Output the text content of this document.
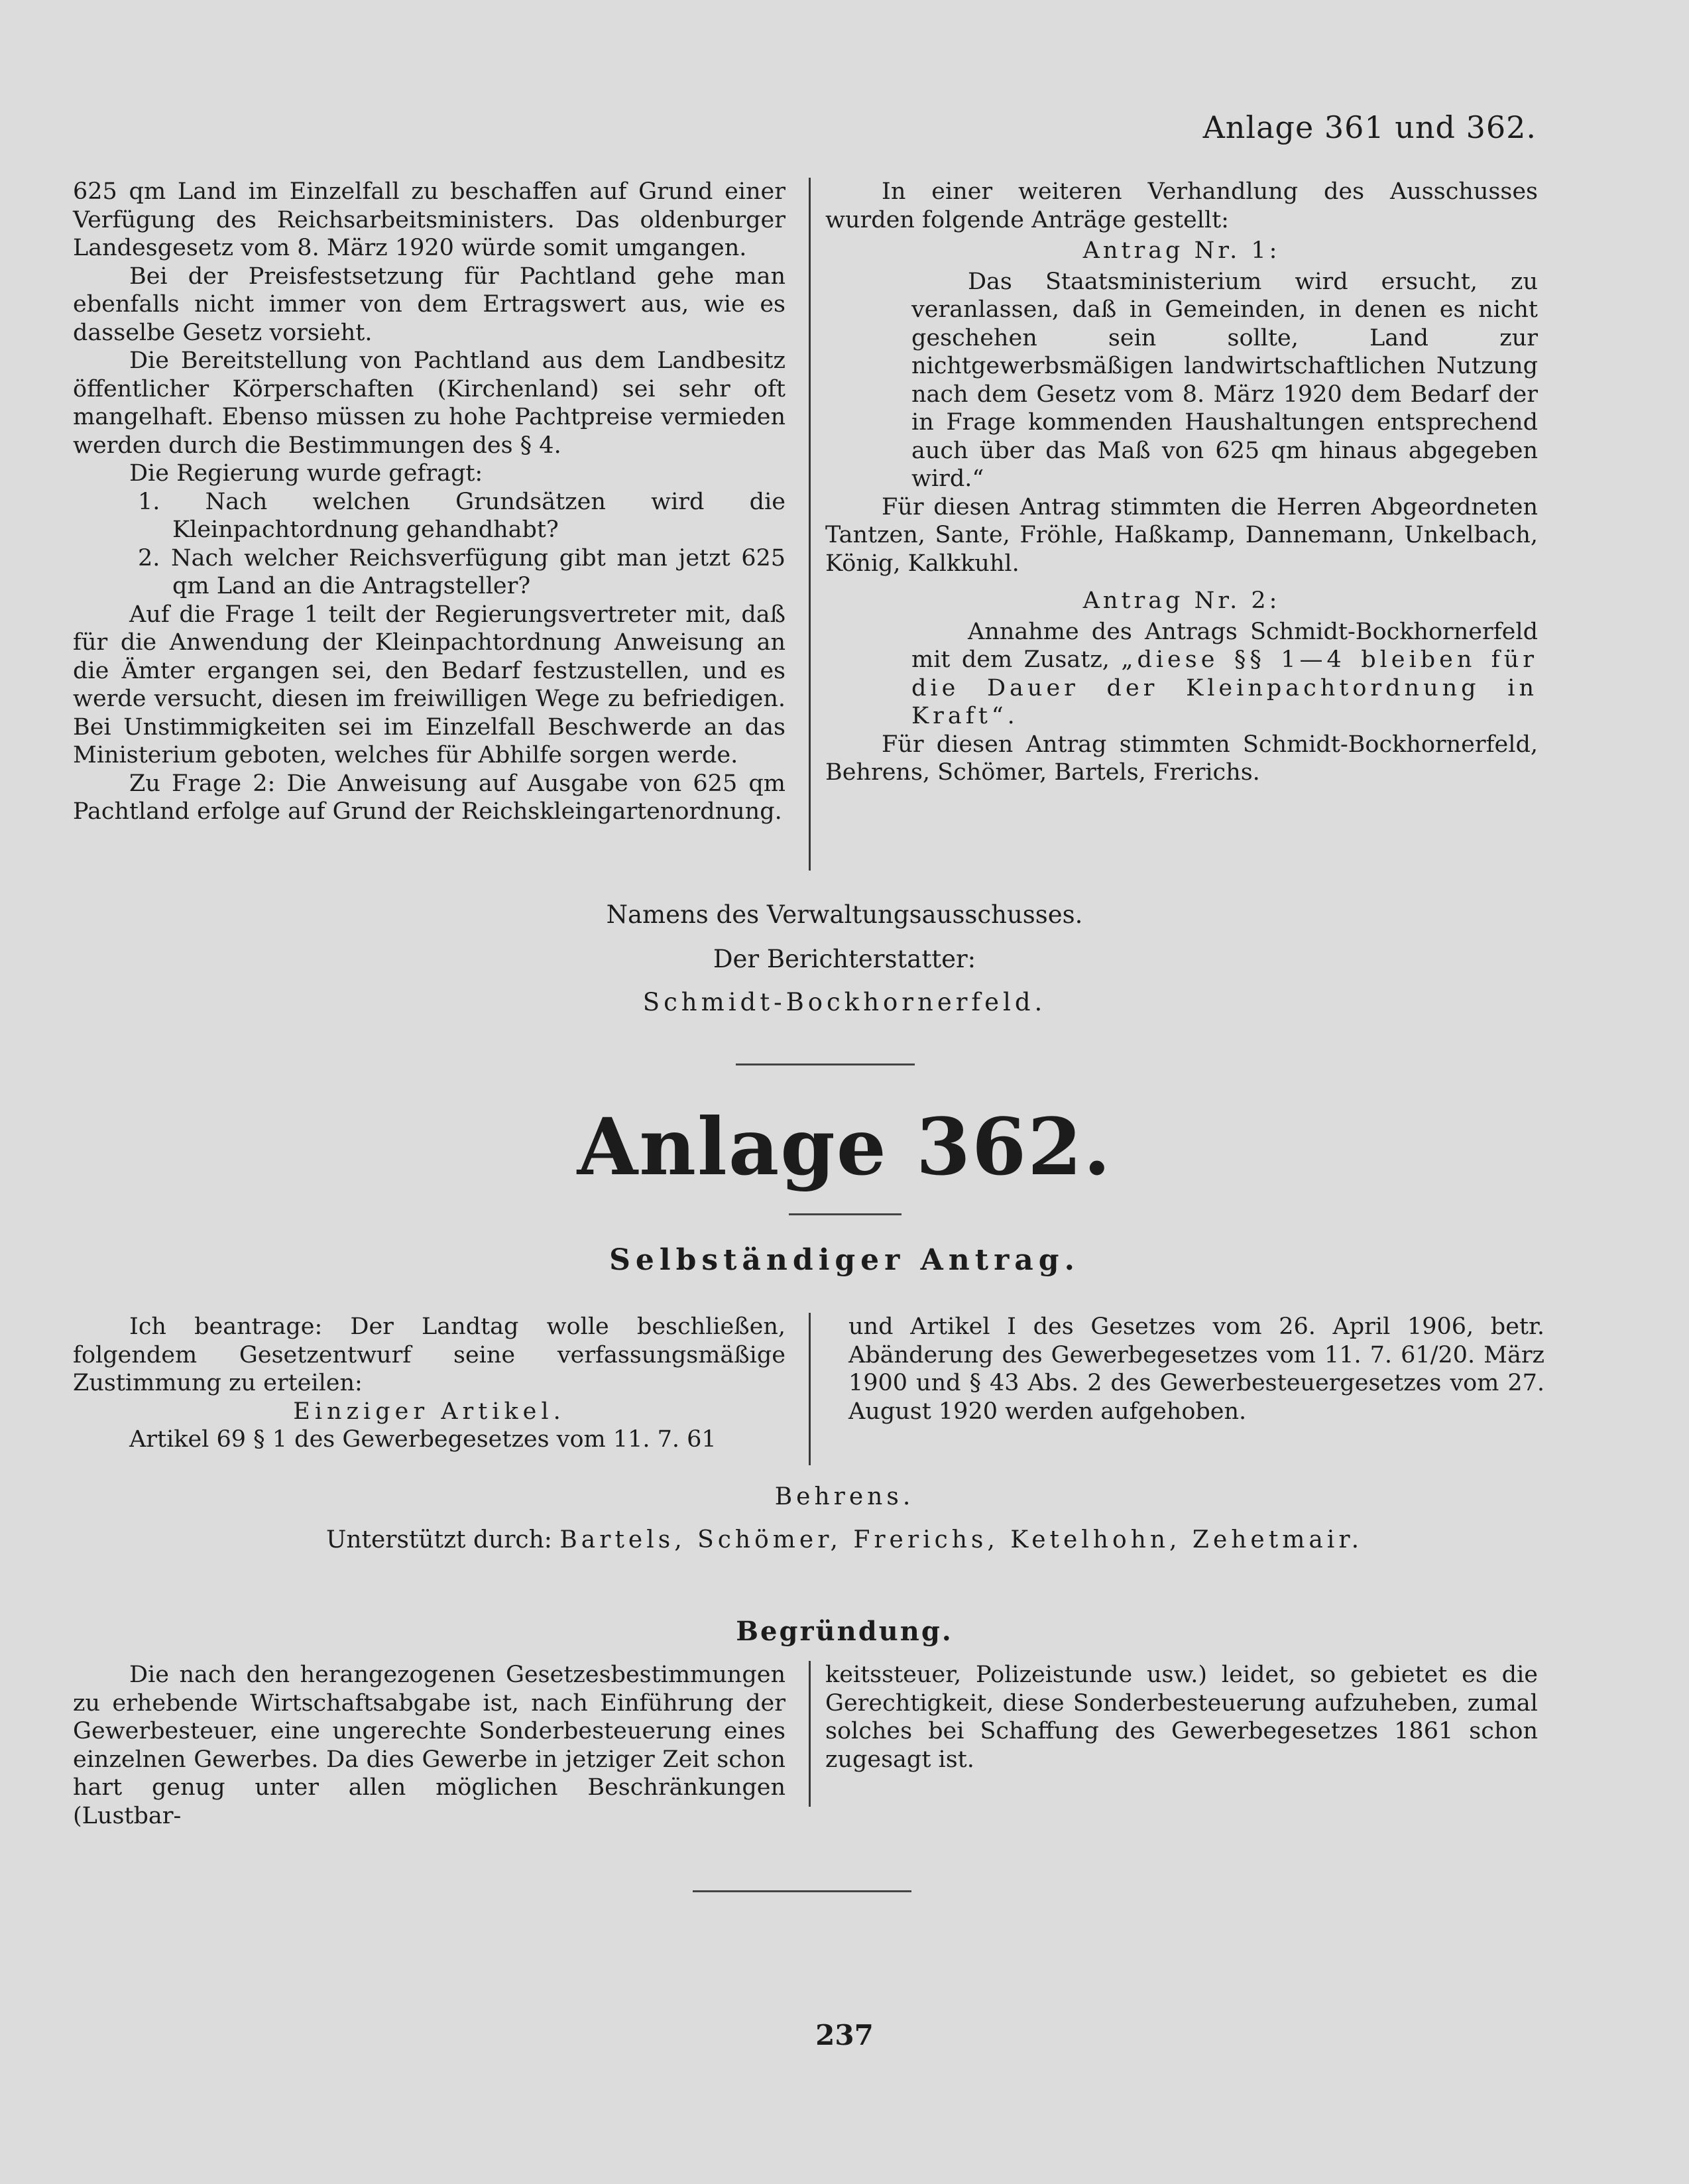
Anlage 361 und 362.

625 qm Land im Einzelfall zu beschaffen auf Grund einer Verfügung des Reichsarbeitsministers. Das oldenburger Landesgesetz vom 8. März 1920 würde somit umgangen.

Bei der Preisfestsetzung für Pachtland gehe man ebenfalls nicht immer von dem Ertragswert aus, wie es dasselbe Gesetz vorsieht.

Die Bereitstellung von Pachtland aus dem Landbesitz öffentlicher Körperschaften (Kirchenland) sei sehr oft mangelhaft. Ebenso müssen zu hohe Pachtpreise vermieden werden durch die Bestimmungen des § 4.

Die Regierung wurde gefragt:

1. Nach welchen Grundsätzen wird die Kleinpachtordnung gehandhabt?

2. Nach welcher Reichsverfügung gibt man jetzt 625 qm Land an die Antragsteller?

Auf die Frage 1 teilt der Regierungsvertreter mit, daß für die Anwendung der Kleinpachtordnung Anweisung an die Ämter ergangen sei, den Bedarf festzustellen, und es werde versucht, diesen im freiwilligen Wege zu befriedigen. Bei Unstimmigkeiten sei im Einzelfall Beschwerde an das Ministerium geboten, welches für Abhilfe sorgen werde.

Zu Frage 2: Die Anweisung auf Ausgabe von 625 qm Pachtland erfolge auf Grund der Reichskleingartenordnung.

In einer weiteren Verhandlung des Ausschusses wurden folgende Anträge gestellt:

Antrag Nr. 1:

Das Staatsministerium wird ersucht, zu veranlassen, daß in Gemeinden, in denen es nicht geschehen sein sollte, Land zur nichtgewerbsmäßigen landwirtschaftlichen Nutzung nach dem Gesetz vom 8. März 1920 dem Bedarf der in Frage kommenden Haushaltungen entsprechend auch über das Maß von 625 qm hinaus abgegeben wird.“

Für diesen Antrag stimmten die Herren Abgeordneten Tantzen, Sante, Fröhle, Haßkamp, Dannemann, Unkelbach, König, Kalkkuhl.

Antrag Nr. 2:

Annahme des Antrags Schmidt-Bockhornerfeld mit dem Zusatz, „diese §§ 1—4 bleiben für die Dauer der Kleinpachtordnung in Kraft“.

Für diesen Antrag stimmten Schmidt-Bockhornerfeld, Behrens, Schömer, Bartels, Frerichs.

Namens des Verwaltungsausschusses.
Der Berichterstatter:
Schmidt-Bockhornerfeld.
Anlage 362.
Selbständiger Antrag.

Ich beantrage: Der Landtag wolle beschließen, folgendem Gesetzentwurf seine verfassungsmäßige Zustimmung zu erteilen:

Einziger Artikel.

Artikel 69 § 1 des Gewerbegesetzes vom 11. 7. 61

und Artikel I des Gesetzes vom 26. April 1906, betr. Abänderung des Gewerbegesetzes vom 11. 7. 61/20. März 1900 und § 43 Abs. 2 des Gewerbesteuergesetzes vom 27. August 1920 werden aufgehoben.

Behrens.
Unterstützt durch: Bartels, Schömer, Frerichs, Ketelhohn, Zehetmair.
Begründung.

Die nach den herangezogenen Gesetzesbestimmungen zu erhebende Wirtschaftsabgabe ist, nach Einführung der Gewerbesteuer, eine ungerechte Sonderbesteuerung eines einzelnen Gewerbes. Da dies Gewerbe in jetziger Zeit schon hart genug unter allen möglichen Beschränkungen (Lustbar-

keitssteuer, Polizeistunde usw.) leidet, so gebietet es die Gerechtigkeit, diese Sonderbesteuerung aufzuheben, zumal solches bei Schaffung des Gewerbegesetzes 1861 schon zugesagt ist.

237
